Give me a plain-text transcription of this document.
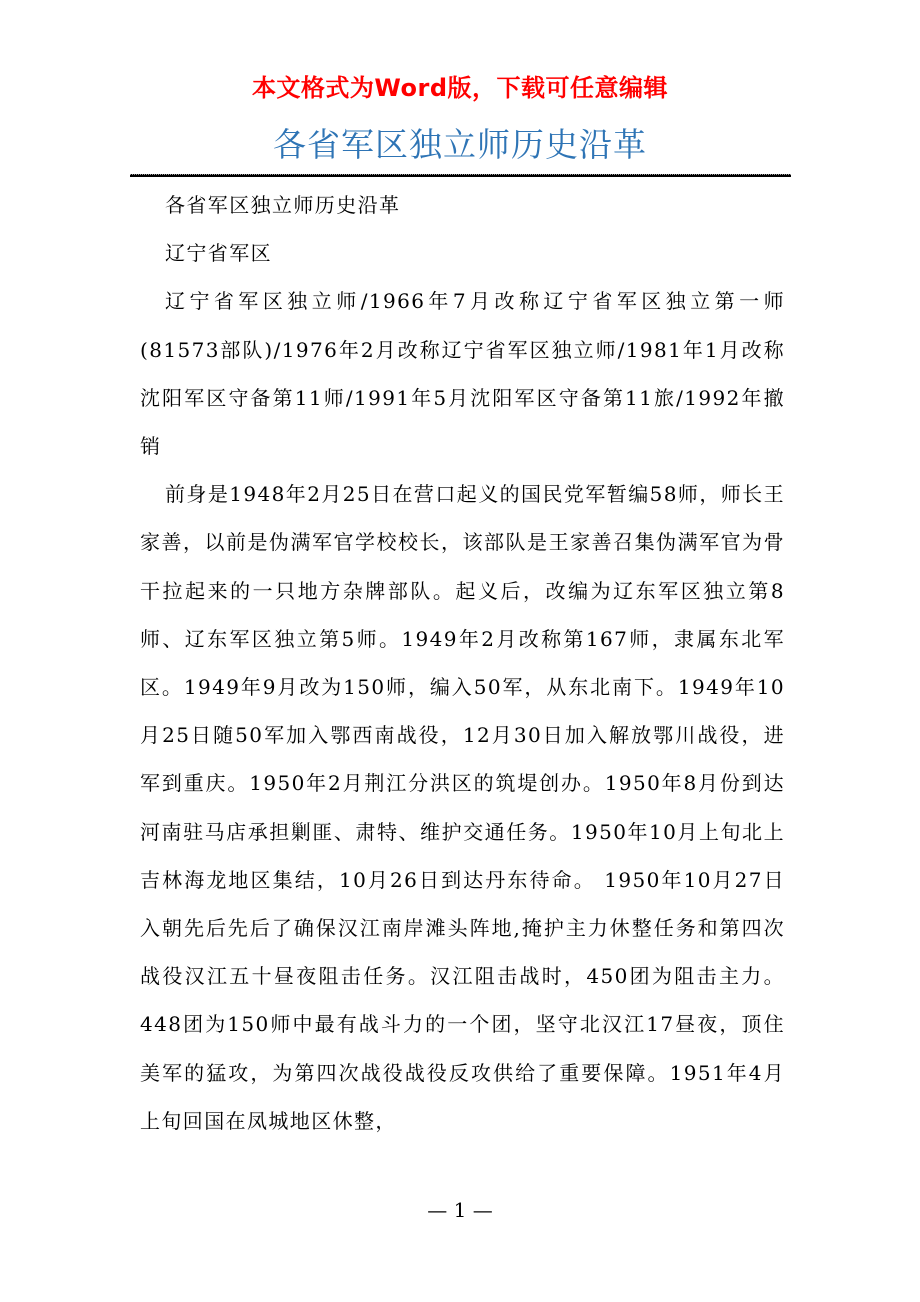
本文格式为Word版，下载可任意编辑
各省军区独立师历史沿革

各省军区独立师历史沿革

辽宁省军区

辽宁省军区独立师/1966年7月改称辽宁省军区独立第一师(81573部队)/1976年2月改称辽宁省军区独立师/1981年1月改称沈阳军区守备第11师/1991年5月沈阳军区守备第11旅/1992年撤销

前身是1948年2月25日在营口起义的国民党军暂编58师，师长王家善，以前是伪满军官学校校长，该部队是王家善召集伪满军官为骨干拉起来的一只地方杂牌部队。起义后，改编为辽东军区独立第8师、辽东军区独立第5师。1949年2月改称第167师，隶属东北军区。1949年9月改为150师，编入50军，从东北南下。1949年10月25日随50军加入鄂西南战役，12月30日加入解放鄂川战役，进军到重庆。1950年2月荆江分洪区的筑堤创办。1950年8月份到达河南驻马店承担剿匪、肃特、维护交通任务。1950年10月上旬北上吉林海龙地区集结，10月26日到达丹东待命。 1950年10月27日入朝先后先后了确保汉江南岸滩头阵地,掩护主力休整任务和第四次战役汉江五十昼夜阻击任务。汉江阻击战时，450团为阻击主力。448团为150师中最有战斗力的一个团，坚守北汉江17昼夜，顶住美军的猛攻，为第四次战役战役反攻供给了重要保障。1951年4月上旬回国在凤城地区休整，

— 1 —
